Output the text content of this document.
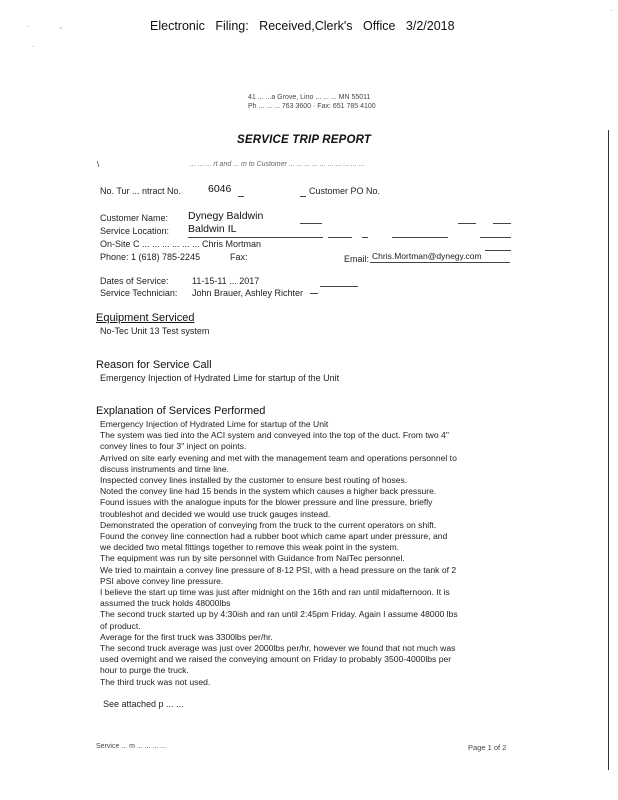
Electronic Filing: Received,Clerk's Office 3/2/2018
·	,
·
·
41 ... ...a Grove, Lino ... ... ... MN 55011
Ph ... ... ... 763 3600 · Fax: 651 785 4100
SERVICE TRIP REPORT
\	... ... ... rt and ... m to Customer ... ... ... ... ... ... ... ... ... ...
No. Tur ... ntract No.	6046	Customer PO No.
Customer Name: Dynegy Baldwin
Service Location: Baldwin IL
On-Site C ... ... ... ... ... ... Chris Mortman
Phone: 1 (618) 785-2245	Fax:	Email: Chris.Mortman@dynegy.com
Dates of Service:	11-15-11 ... 2017
Service Technician: John Brauer, Ashley Richter
Equipment Serviced
No-Tec Unit 13 Test system
Reason for Service Call
Emergency Injection of Hydrated Lime for startup of the Unit
Explanation of Services Performed
Emergency Injection of Hydrated Lime for startup of the Unit
The system was tied into the ACI system and conveyed into the top of the duct. From two 4"
convey lines to four 3" inject on points.
Arrived on site early evening and met with the management team and operations personnel to
discuss instruments and time line.
Inspected convey lines installed by the customer to ensure best routing of hoses.
Noted the convey line had 15 bends in the system which causes a higher back pressure.
Found issues with the analogue inputs for the blower pressure and line pressure, briefly
troubleshot and decided we would use truck gauges instead.
Demonstrated the operation of conveying from the truck to the current operators on shift.
Found the convey line connection had a rubber boot which came apart under pressure, and
we decided two metal fittings together to remove this weak point in the system.
The equipment was run by site personnel with Guidance from NalTec personnel.
We tried to maintain a convey line pressure of 8-12 PSI, with a head pressure on the tank of 2
PSI above convey line pressure.
I believe the start up time was just after midnight on the 16th and ran until midafternoon. It is
assumed the truck holds 48000lbs
The second truck started up by 4:30ish and ran until 2:45pm Friday. Again I assume 48000 lbs
of product.
Average for the first truck was 3300lbs per/hr.
The second truck average was just over 2000lbs per/hr, however we found that not much was
used overnight and we raised the conveying amount on Friday to probably 3500-4000lbs per
hour to purge the truck.
The third truck was not used.
See attached p ... ...
Service ... m ... ... ... ...	Page 1 of 2
